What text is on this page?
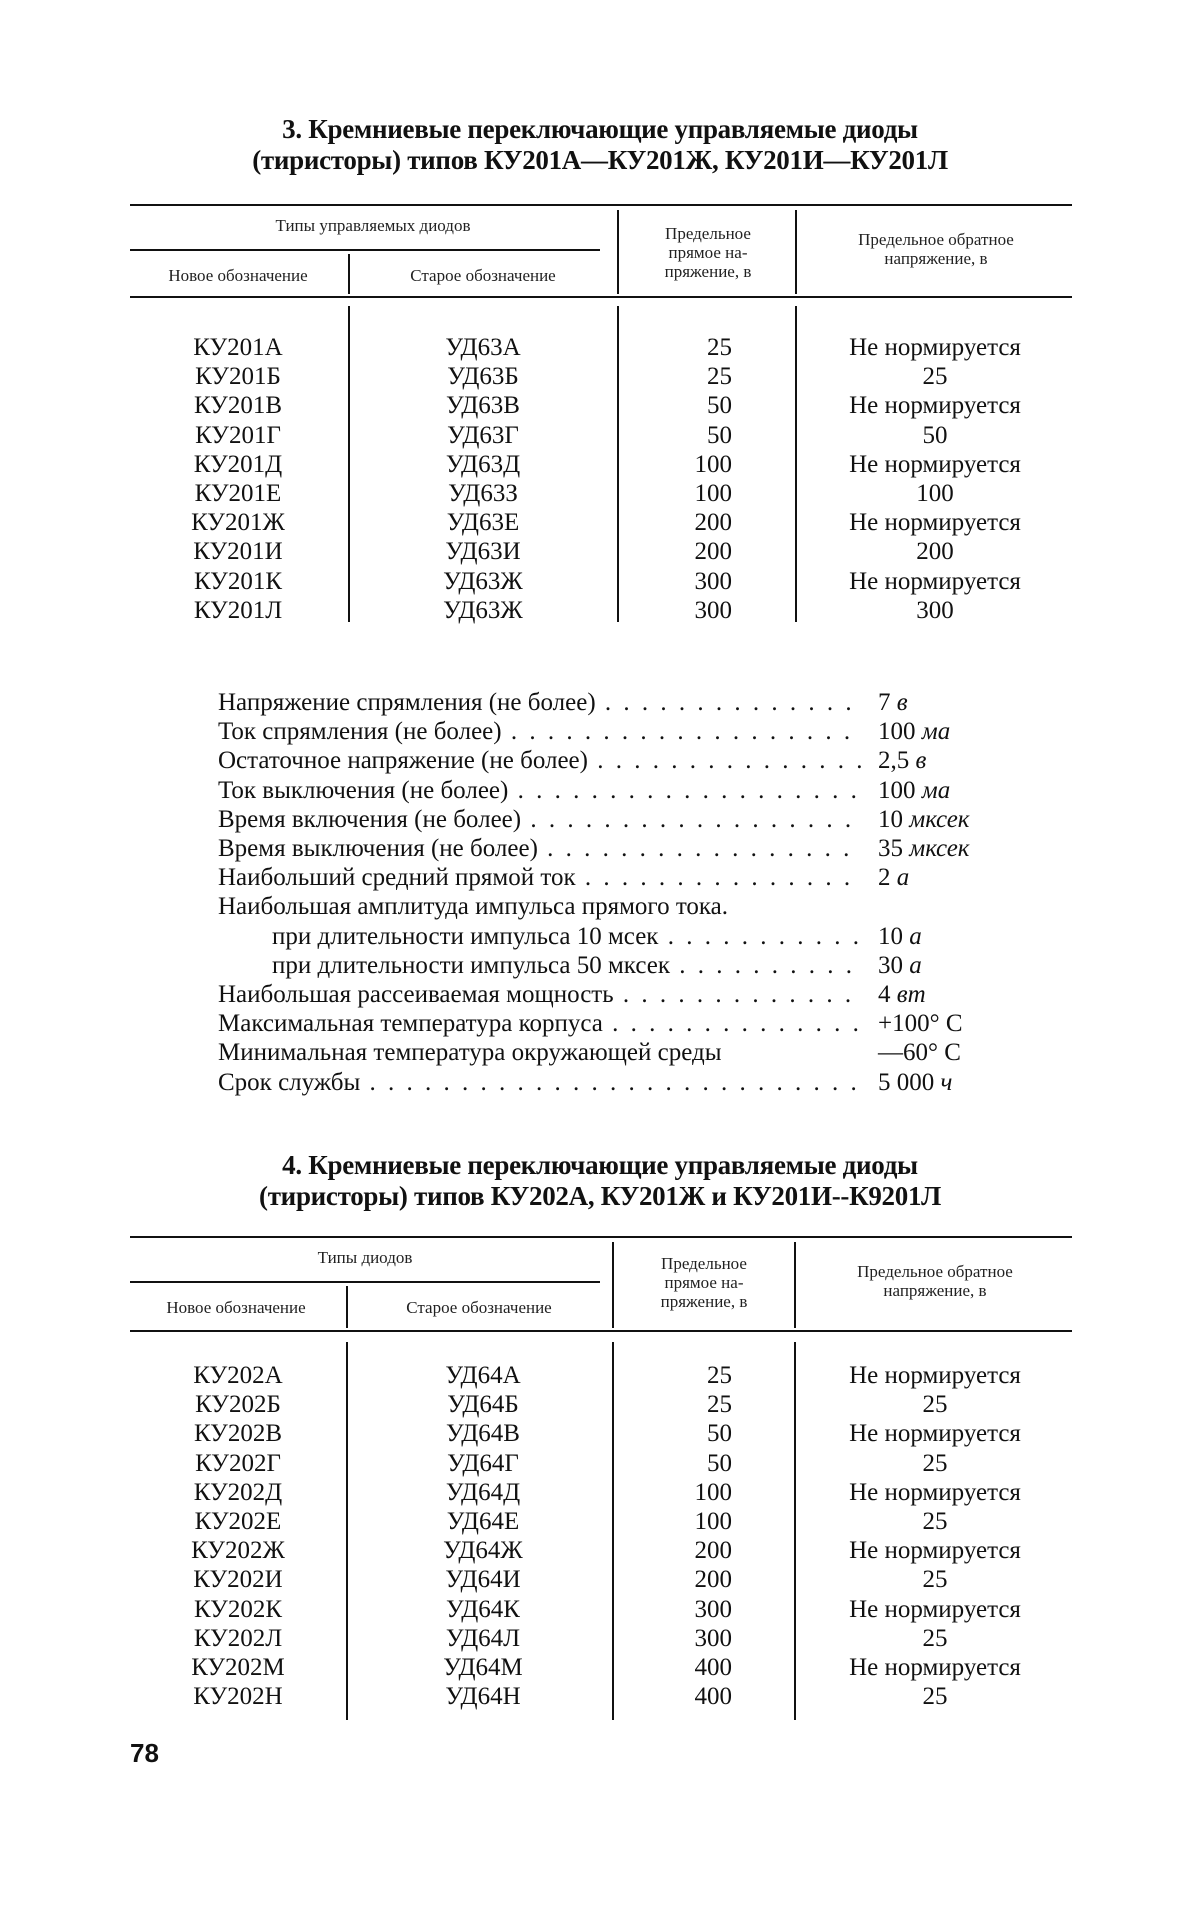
3. Кремниевые переключающие управляемые диоды
(тиристоры) типов КУ201А—КУ201Ж, КУ201И—КУ201Л
Типы управляемых диодов
Новое обозначение	Старое обозначение
Предельное
прямое на-
пряжение, в
Предельное обратное
напряжение, в
КУ201А	УД63А	25	Не нормируется
КУ201Б	УД63Б	25	25
КУ201В	УД63В	50	Не нормируется
КУ201Г	УД63Г	50	50
КУ201Д	УД63Д	100	Не нормируется
КУ201Е	УД63З	100	100
КУ201Ж	УД63Е	200	Не нормируется
КУ201И	УД63И	200	200
КУ201К	УД63Ж	300	Не нормируется
КУ201Л	УД63Ж	300	300
Напряжение спрямления (не более) . . .	7 в
Ток спрямления (не более) . . .	100 ма
Остаточное напряжение (не более) . . .	2,5 в
Ток выключения (не более) . . .	100 ма
Время включения (не более) . . .	10 мксек
Время выключения (не более) . . .	35 мксек
Наибольший средний прямой ток . . .	2 а
Наибольшая амплитуда импульса прямого тока.
при длительности импульса 10 мсек . . .	10 а
при длительности импульса 50 мксек . . .	30 а
Наибольшая рассеиваемая мощность . . .	4 вт
Максимальная температура корпуса . . .	+100° С
Минимальная температура окружающей среды	—60° С
Срок службы . . .	5 000 ч
4. Кремниевые переключающие управляемые диоды
(тиристоры) типов КУ202А, КУ201Ж и КУ201И--К9201Л
Типы диодов
Новое обозначение	Старое обозначение
Предельное
прямое на-
пряжение, в
Предельное обратное
напряжение, в
КУ202А	УД64А	25	Не нормируется
КУ202Б	УД64Б	25	25
КУ202В	УД64В	50	Не нормируется
КУ202Г	УД64Г	50	25
КУ202Д	УД64Д	100	Не нормируется
КУ202Е	УД64Е	100	25
КУ202Ж	УД64Ж	200	Не нормируется
КУ202И	УД64И	200	25
КУ202К	УД64К	300	Не нормируется
КУ202Л	УД64Л	300	25
КУ202М	УД64М	400	Не нормируется
КУ202Н	УД64Н	400	25
78
